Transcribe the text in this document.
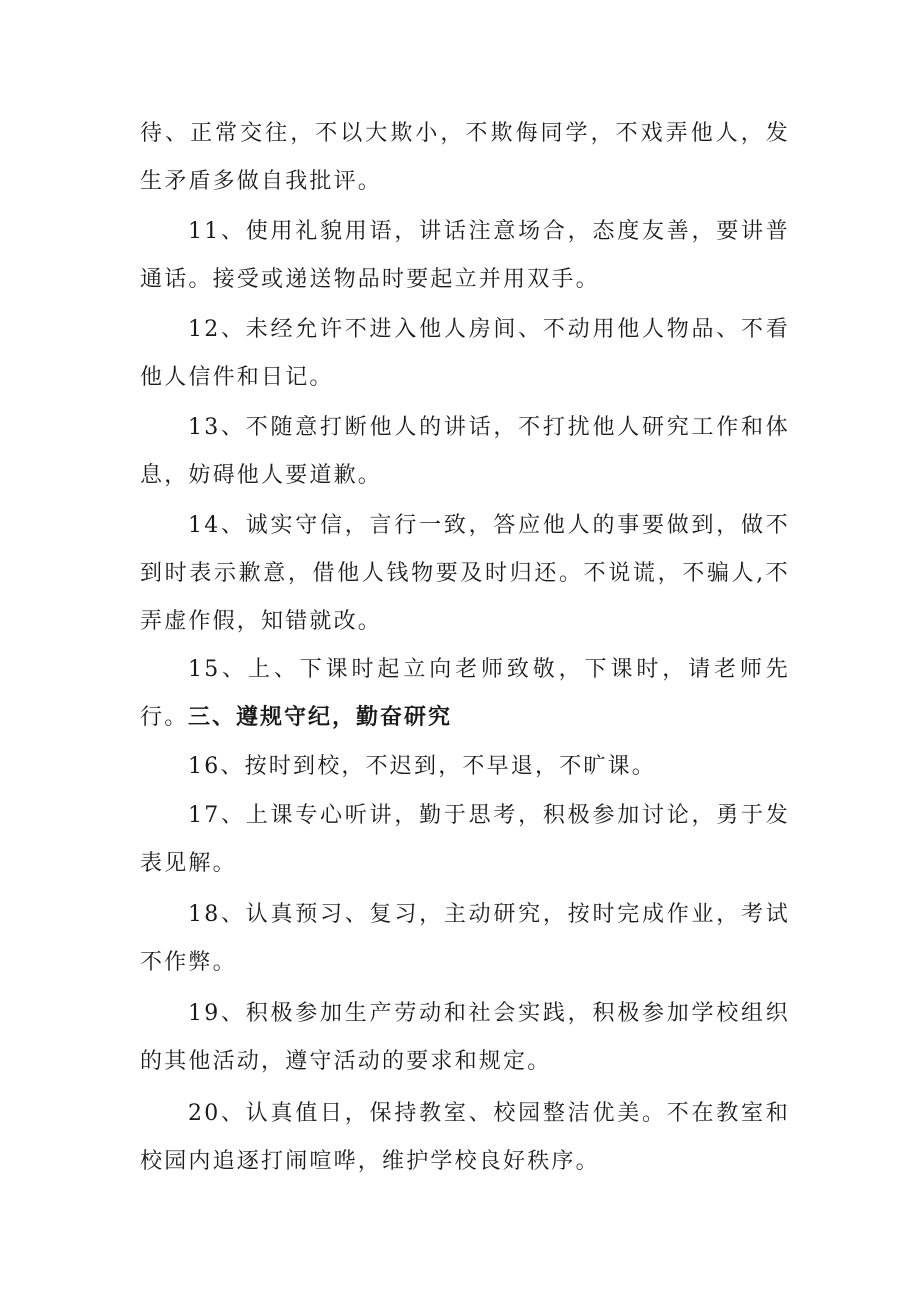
待、正常交往，不以大欺小，不欺侮同学，不戏弄他人，发生矛盾多做自我批评。

11、使用礼貌用语，讲话注意场合，态度友善，要讲普通话。接受或递送物品时要起立并用双手。

12、未经允许不进入他人房间、不动用他人物品、不看他人信件和日记。

13、不随意打断他人的讲话，不打扰他人研究工作和体息，妨碍他人要道歉。

14、诚实守信，言行一致，答应他人的事要做到，做不到时表示歉意，借他人钱物要及时归还。不说谎，不骗人,不弄虚作假，知错就改。

15、上、下课时起立向老师致敬，下课时，请老师先行。 三、遵规守纪，勤奋研究

16、按时到校，不迟到，不早退，不旷课。

17、上课专心听讲，勤于思考，积极参加讨论，勇于发表见解。

18、认真预习、复习，主动研究，按时完成作业，考试不作弊。

19、积极参加生产劳动和社会实践，积极参加学校组织的其他活动，遵守活动的要求和规定。

20、认真值日，保持教室、校园整洁优美。不在教室和校园内追逐打闹喧哗，维护学校良好秩序。
